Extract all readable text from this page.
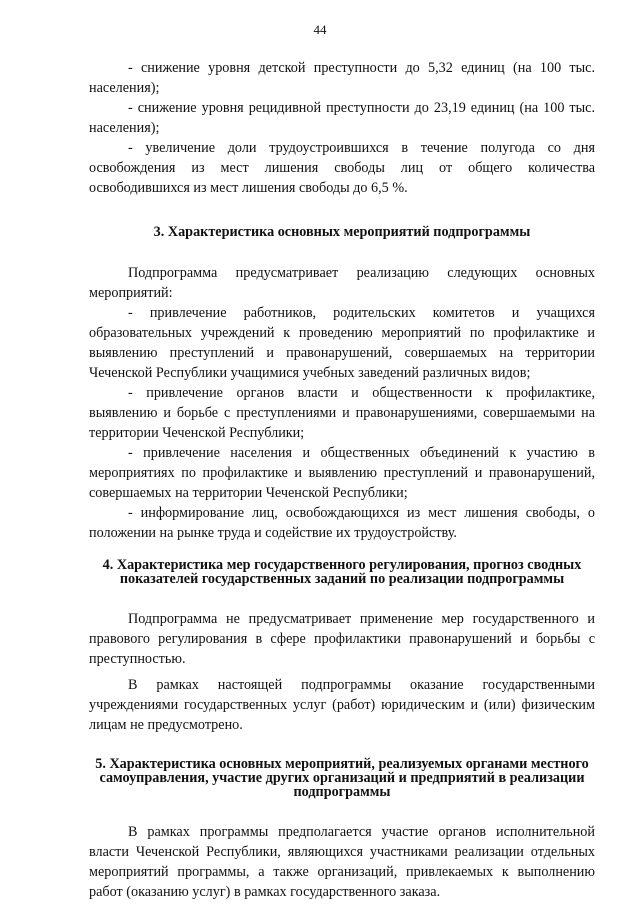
44

- снижение уровня детской преступности до 5,32 единиц (на 100 тыс. населения);

- снижение уровня рецидивной преступности до 23,19 единиц (на 100 тыс. населения);

- увеличение доли трудоустроившихся в течение полугода со дня освобождения из мест лишения свободы лиц от общего количества освободившихся из мест лишения свободы до 6,5 %.

3. Характеристика основных мероприятий подпрограммы

Подпрограмма предусматривает реализацию следующих основных мероприятий:

- привлечение работников, родительских комитетов и учащихся образовательных учреждений к проведению мероприятий по профилактике и выявлению преступлений и правонарушений, совершаемых на территории Чеченской Республики учащимися учебных заведений различных видов;

- привлечение органов власти и общественности к профилактике, выявлению и борьбе с преступлениями и правонарушениями, совершаемыми на территории Чеченской Республики;

- привлечение населения и общественных объединений к участию в мероприятиях по профилактике и выявлению преступлений и правонарушений, совершаемых на территории Чеченской Республики;

- информирование лиц, освобождающихся из мест лишения свободы, о положении на рынке труда и содействие их трудоустройству.

4. Характеристика мер государственного регулирования, прогноз сводных показателей государственных заданий по реализации подпрограммы

Подпрограмма не предусматривает применение мер государственного и правового регулирования в сфере профилактики правонарушений и борьбы с преступностью.

В рамках настоящей подпрограммы оказание государственными учреждениями государственных услуг (работ) юридическим и (или) физическим лицам не предусмотрено.

5. Характеристика основных мероприятий, реализуемых органами местного самоуправления, участие других организаций и предприятий в реализации подпрограммы

В рамках программы предполагается участие органов исполнительной власти Чеченской Республики, являющихся участниками реализации отдельных мероприятий программы, а также организаций, привлекаемых к выполнению работ (оказанию услуг) в рамках государственного заказа.
